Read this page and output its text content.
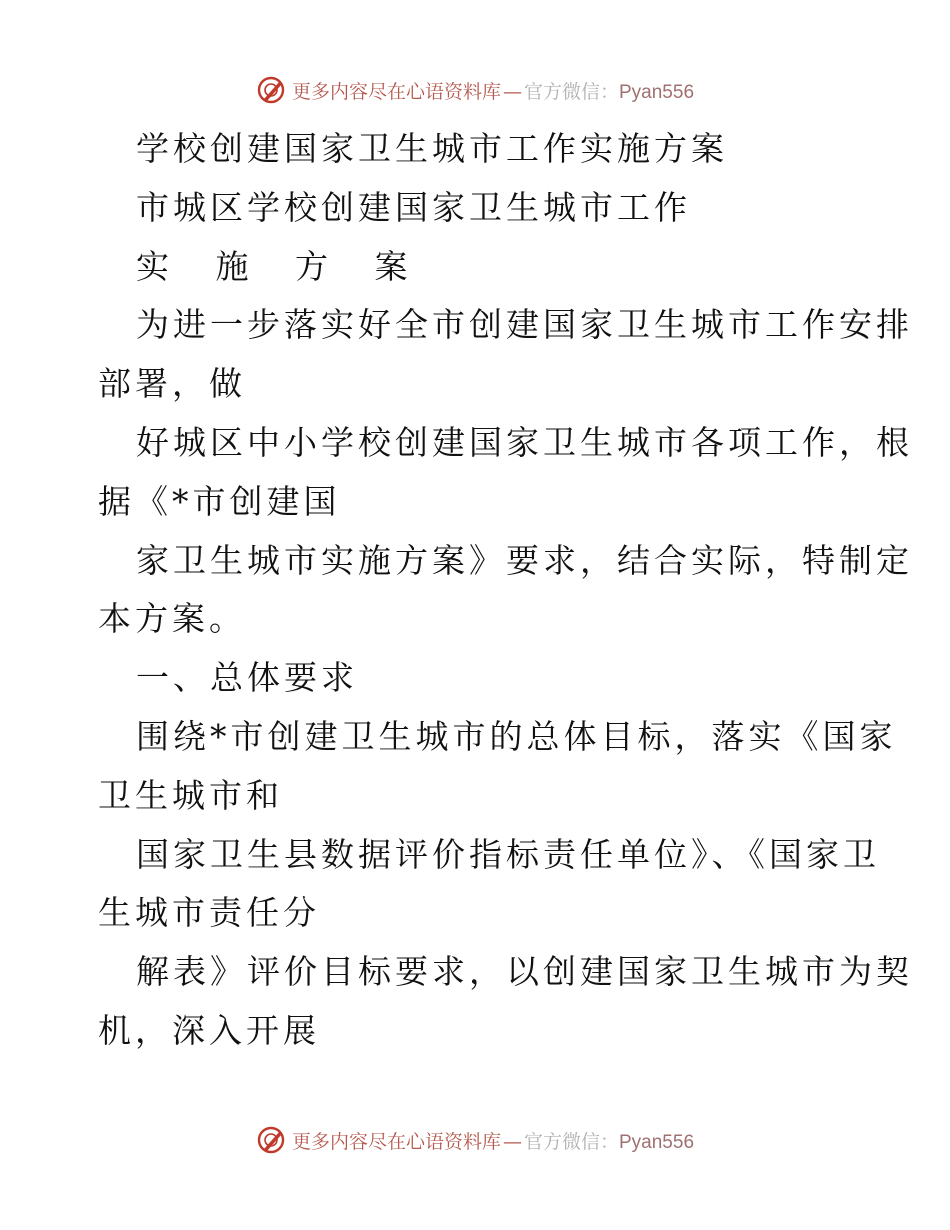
更多内容尽在心语资料库 — 官方微信：Pyan556
学校创建国家卫生城市工作实施方案
市城区学校创建国家卫生城市工作
实 施 方 案
为进一步落实好全市创建国家卫生城市工作安排
部署，做
好城区中小学校创建国家卫生城市各项工作，根
据《*市创建国
家卫生城市实施方案》要求，结合实际，特制定
本方案。
一、总体要求
围绕*市创建卫生城市的总体目标，落实《国家
卫生城市和
国家卫生县数据评价指标责任单位》、《国家卫
生城市责任分
解表》评价目标要求，以创建国家卫生城市为契
机，深入开展
更多内容尽在心语资料库 — 官方微信：Pyan556
